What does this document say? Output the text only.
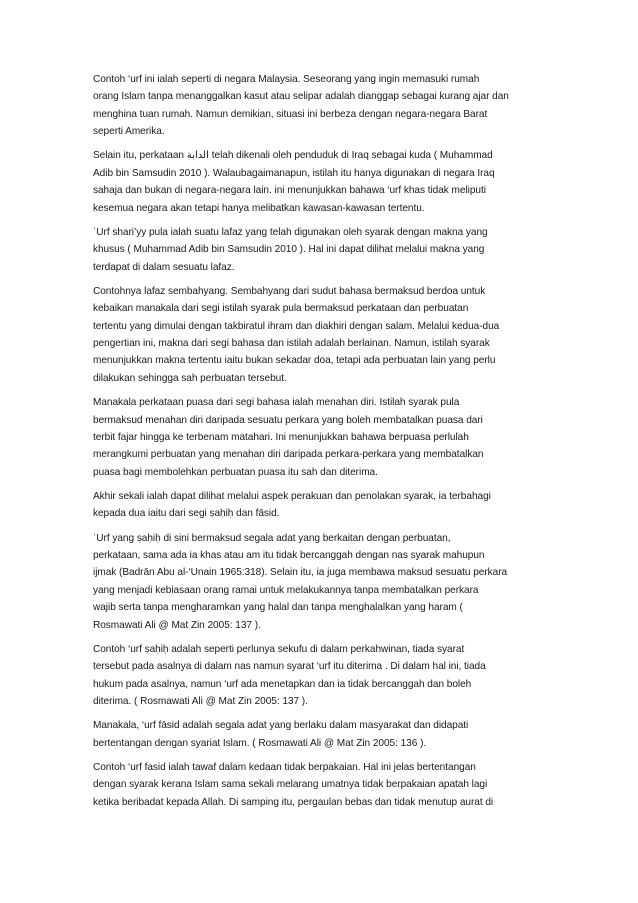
Contoh ‘urf ini ialah seperti di negara Malaysia. Seseorang yang ingin memasuki rumah
orang Islam tanpa menanggalkan kasut atau selipar adalah dianggap sebagai kurang ajar dan
menghina tuan rumah. Namun demikian, situasi ini berbeza dengan negara-negara Barat
seperti Amerika.

Selain itu, perkataan الدابة telah dikenali oleh penduduk di Iraq sebagai kuda ( Muhammad
Adib bin Samsudin 2010 ). Walaubagaimanapun, istilah itu hanya digunakan di negara Iraq
sahaja dan bukan di negara-negara lain. ini menunjukkan bahawa ‘urf khas tidak meliputi
kesemua negara akan tetapi hanya melibatkan kawasan-kawasan tertentu.

ʿUrf shari’yy pula ialah suatu lafaz yang telah digunakan oleh syarak dengan makna yang
khusus ( Muhammad Adib bin Samsudin 2010 ). Hal ini dapat dilihat melalui makna yang
terdapat di dalam sesuatu lafaz.

Contohnya lafaz sembahyang. Sembahyang dari sudut bahasa bermaksud berdoa untuk
kebaikan manakala dari segi istilah syarak pula bermaksud perkataan dan perbuatan
tertentu yang dimulai dengan takbiratul ihram dan diakhiri dengan salam. Melalui kedua-dua
pengertian ini, makna dari segi bahasa dan istilah adalah berlainan. Namun, istilah syarak
menunjukkan makna tertentu iaitu bukan sekadar doa, tetapi ada perbuatan lain yang perlu
dilakukan sehingga sah perbuatan tersebut.

Manakala perkataan puasa dari segi bahasa ialah menahan diri. Istilah syarak pula
bermaksud menahan diri daripada sesuatu perkara yang boleh membatalkan puasa dari
terbit fajar hingga ke terbenam matahari. Ini menunjukkan bahawa berpuasa perlulah
merangkumi perbuatan yang menahan diri daripada perkara-perkara yang membatalkan
puasa bagi membolehkan perbuatan puasa itu sah dan diterima.

Akhir sekali ialah dapat dilihat melalui aspek perakuan dan penolakan syarak, ia terbahagi
kepada dua iaitu dari segi ṣaḥiḥ dan fāsid.

ʿUrf yang ṣaḥiḥ di sini bermaksud segala adat yang berkaitan dengan perbuatan,
perkataan, sama ada ia khas atau am itu tidak bercanggah dengan nas syarak mahupun
ijmak (Badrān Abu al-‘Unain 1965:318). Selain itu, ia juga membawa maksud sesuatu perkara
yang menjadi kebiasaan orang ramai untuk melakukannya tanpa membatalkan perkara
wajib serta tanpa mengharamkan yang halal dan tanpa menghalalkan yang haram (
Rosmawati Ali @ Mat Zin 2005: 137 ).

Contoh ‘urf ṣaḥiḥ adalah seperti perlunya sekufu di dalam perkahwinan, tiada syarat
tersebut pada asalnya di dalam nas namun syarat ‘urf itu diterima . Di dalam hal ini, tiada
hukum pada asalnya, namun ‘urf ada menetapkan dan ia tidak bercanggah dan boleh
diterima. ( Rosmawati Ali @ Mat Zin 2005: 137 ).

Manakala, ‘urf fāsid adalah segala adat yang berlaku dalam masyarakat dan didapati
bertentangan dengan syariat Islam. ( Rosmawati Ali @ Mat Zin 2005: 136 ).

Contoh ‘urf fasid ialah tawaf dalam kedaan tidak berpakaian. Hal ini jelas bertentangan
dengan syarak kerana Islam sama sekali melarang umatnya tidak berpakaian apatah lagi
ketika beribadat kepada Allah. Di samping itu, pergaulan bebas dan tidak menutup aurat di
